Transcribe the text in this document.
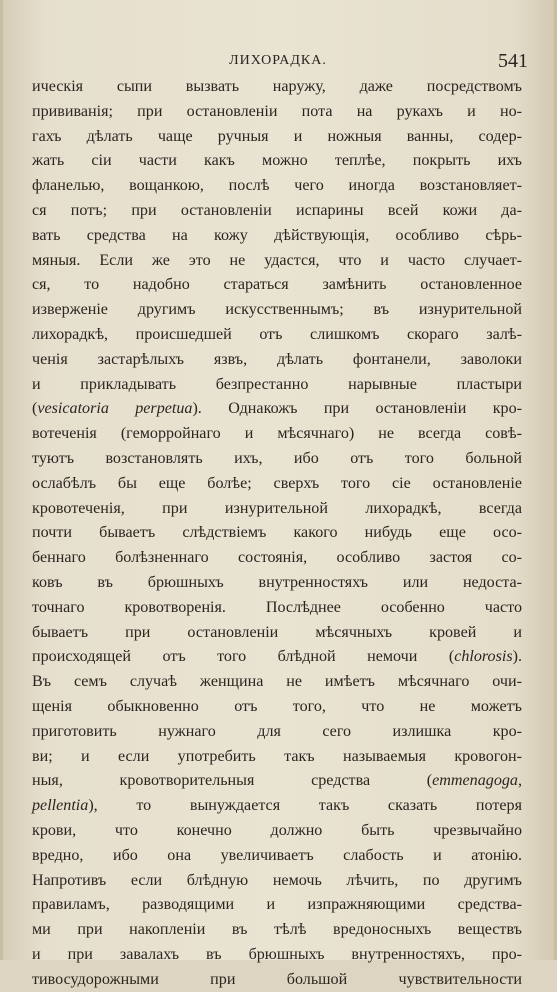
ЛИХОРАДКА.	541
ическія сыпи вызвать наружу, даже посредствомъ
прививанія; при остановленіи пота на рукахъ и но-
гахъ дѣлать чаще ручныя и ножныя ванны, содер-
жать сіи части какъ можно теплѣе, покрыть ихъ
фланелью, вощанкою, послѣ чего иногда возстановляет-
ся потъ; при остановленіи испарины всей кожи да-
вать средства на кожу дѣйствующія, особливо сѣрь-
мяныя. Если же это не удастся, что и часто случает-
ся, то надобно стараться замѣнить остановленное
изверженіе другимъ искусственнымъ; въ изнурительной
лихорадкѣ, происшедшей отъ слишкомъ скораго залѣ-
ченія застарѣлыхъ язвъ, дѣлать фонтанели, заволоки
и прикладывать безпрестанно нарывные пластыри
(vesicatoria perpetua). Однакожъ при остановленіи кро-
вотеченія (геморройнаго и мѣсячнаго) не всегда совѣ-
туютъ возстановлять ихъ, ибо отъ того больной
ослабѣлъ бы еще болѣе; сверхъ того сіе остановленіе
кровотеченія, при изнурительной лихорадкѣ, всегда
почти бываетъ слѣдствіемъ какого нибудь еще осо-
беннаго болѣзненнаго состоянія, особливо застоя со-
ковъ въ брюшныхъ внутренностяхъ или недоста-
точнаго кровотворенія. Послѣднее особенно часто
бываетъ при остановленіи мѣсячныхъ кровей и
происходящей отъ того блѣдной немочи (chlorosis).
Въ семъ случаѣ женщина не имѣетъ мѣсячнаго очи-
щенія обыкновенно отъ того, что не можетъ
приготовить нужнаго для сего излишка кро-
ви; и если употребить такъ называемыя кровогон-
ныя, кровотворительныя средства (emmenagoga,
pellentia), то вынуждается такъ сказать потеря
крови, что конечно должно быть чрезвычайно
вредно, ибо она увеличиваетъ слабость и атонію.
Напротивъ если блѣдную немочь лѣчить, по другимъ
правиламъ, разводящими и изпражняющими средства-
ми при накопленіи въ тѣлѣ вредоносныхъ веществъ
и при завалахъ въ брюшныхъ внутренностяхъ, про-
тивосудорожными при большой чувствительности
